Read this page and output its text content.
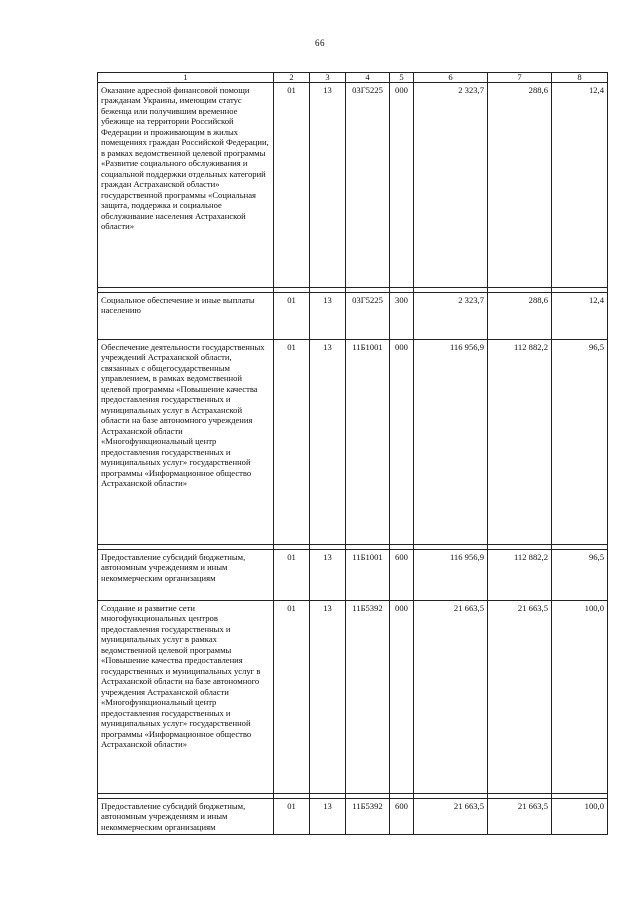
66
1	2	3	4	5	6	7	8
Оказание адресной финансовой помощи гражданам Украины, имеющим статус беженца или получившим временное убежище на территории Российской Федерации и проживающим в жилых помещениях граждан Российской Федерации, в рамках ведомственной целевой программы «Развитие социального обслуживания и социальной поддержки отдельных категорий граждан Астраханской области» государственной программы «Социальная защита, поддержка и социальное обслуживание населения Астраханской области»	01	13	03Г5225	000	2 323,7	288,6	12,4

Социальное обеспечение и иные выплаты населению	01	13	03Г5225	300	2 323,7	288,6	12,4
Обеспечение деятельности государственных учреждений Астраханской области, связанных с общегосударственным управлением, в рамках ведомственной целевой программы «Повышение качества предоставления государственных и муниципальных услуг в Астраханской области на базе автономного учреждения Астраханской области «Многофункциональный центр предоставления государственных и муниципальных услуг» государственной программы «Информационное общество Астраханской области»	01	13	11Б1001	000	116 956,9	112 882,2	96,5

Предоставление субсидий бюджетным, автономным учреждениям и иным некоммерческим организациям	01	13	11Б1001	600	116 956,9	112 882,2	96,5
Создание и развитие сети многофункциональных центров предоставления государственных и муниципальных услуг в рамках ведомственной целевой программы «Повышение качества предоставления государственных и муниципальных услуг в Астраханской области на базе автономного учреждения Астраханской области «Многофункциональный центр предоставления государственных и муниципальных услуг» государственной программы «Информационное общество Астраханской области»	01	13	11Б5392	000	21 663,5	21 663,5	100,0

Предоставление субсидий бюджетным, автономным учреждениям и иным некоммерческим организациям	01	13	11Б5392	600	21 663,5	21 663,5	100,0
